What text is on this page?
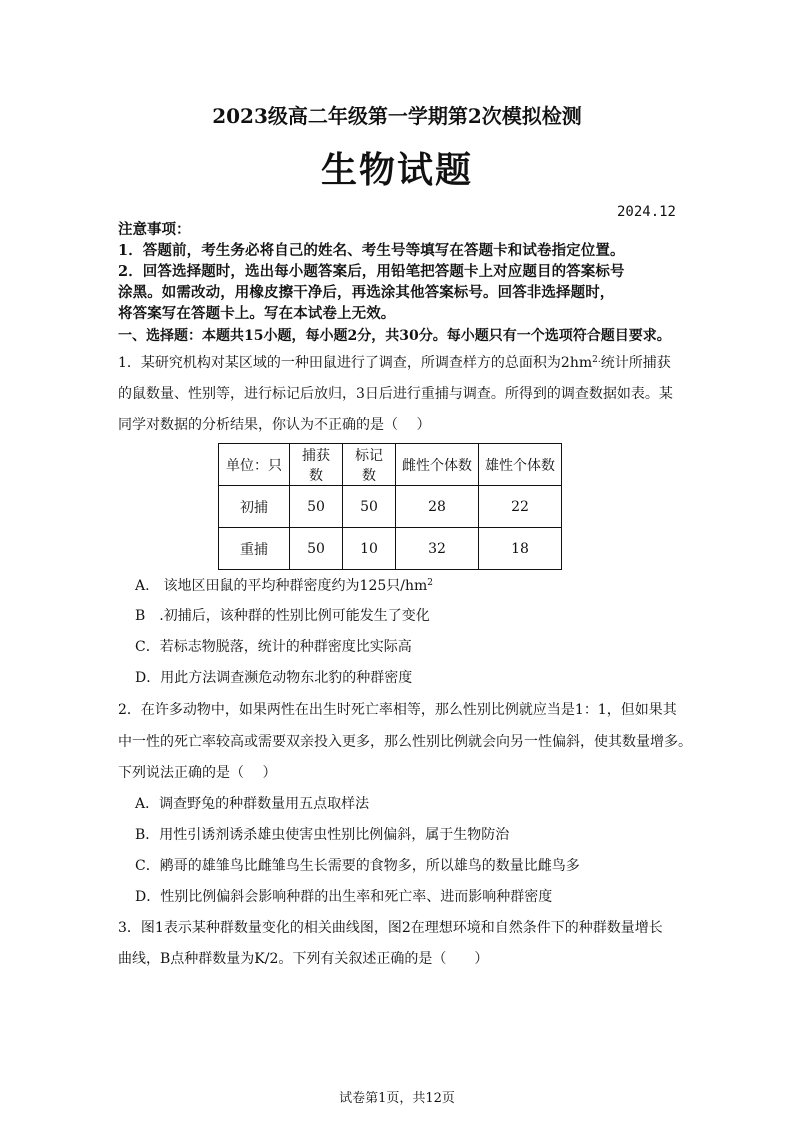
2023级高二年级第一学期第2次模拟检测
生物试题
2024.12
注意事项：
1．答题前，考生务必将自己的姓名、考生号等填写在答题卡和试卷指定位置。
2．回答选择题时，选出每小题答案后，用铅笔把答题卡上对应题目的答案标号
涂黑。如需改动，用橡皮擦干净后，再选涂其他答案标号。回答非选择题时，
将答案写在答题卡上。写在本试卷上无效。
一、选择题：本题共15小题，每小题2分，共30分。每小题只有一个选项符合题目要求。
1．某研究机构对某区域的一种田鼠进行了调查，所调查样方的总面积为$2hm^{2.}$统计所捕获
的鼠数量、性别等，进行标记后放归，3日后进行重捕与调查。所得到的调查数据如表。某
同学对数据的分析结果，你认为不正确的是（　 ）
单位：只	捕获数	标记数	雌性个体数	雄性个体数
初捕	50	50	28	22
重捕	50	10	32	18
A.　该地区田鼠的平均种群密度约为125只$/hm^2$
B　.初捕后，该种群的性别比例可能发生了变化
C．若标志物脱落，统计的种群密度比实际高
D．用此方法调查濒危动物东北豹的种群密度
2．在许多动物中，如果两性在出生时死亡率相等，那么性别比例就应当是1：1，但如果其
中一性的死亡率较高或需要双亲投入更多，那么性别比例就会向另一性偏斜，使其数量增多。
下列说法正确的是（　 ）
A．调查野兔的种群数量用五点取样法
B．用性引诱剂诱杀雄虫使害虫性别比例偏斜，属于生物防治
C．鹇哥的雄雏鸟比雌雏鸟生长需要的食物多，所以雄鸟的数量比雌鸟多
D．性别比例偏斜会影响种群的出生率和死亡率、进而影响种群密度
3．图1表示某种群数量变化的相关曲线图，图2在理想环境和自然条件下的种群数量增长
曲线，B点种群数量为K/2。下列有关叙述正确的是（　　）
试卷第1页，共12页
